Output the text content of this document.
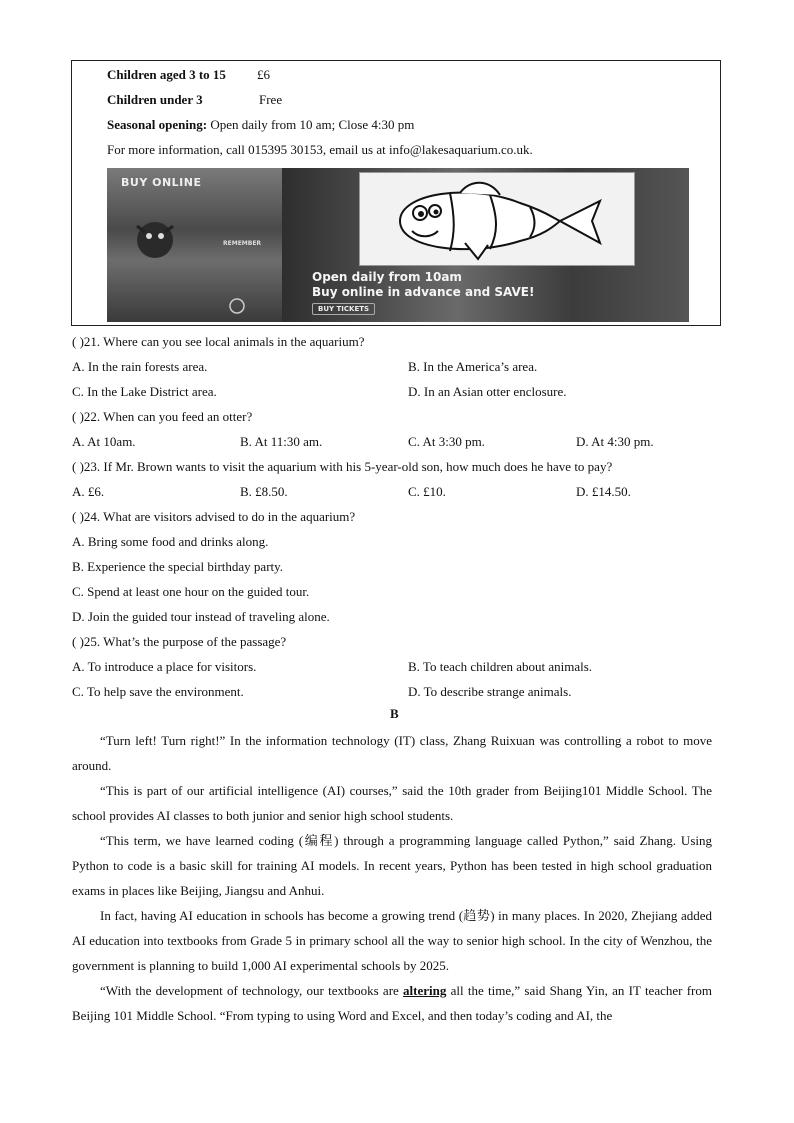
Children aged 3 to 15 £6
Children under 3	Free
Seasonal opening: Open daily from 10 am; Close 4:30 pm
For more information, call 015395 30153, email us at info@lakesaquarium.co.uk.
BUY ONLINE
REMEMBER
Open daily from 10am
Buy online in advance and SAVE!
BUY TICKETS
( )21. Where can you see local animals in the aquarium?
A. In the rain forests area.	B. In the America’s area.
C. In the Lake District area.	D. In an Asian otter enclosure.
( )22. When can you feed an otter?
A. At 10am.	B. At 11:30 am.	C. At 3:30 pm.	D. At 4:30 pm.
( )23. If Mr. Brown wants to visit the aquarium with his 5-year-old son, how much does he have to pay?
A. £6.	B. £8.50.	C. £10.	D. £14.50.
( )24. What are visitors advised to do in the aquarium?
A. Bring some food and drinks along.
B. Experience the special birthday party.
C. Spend at least one hour on the guided tour.
D. Join the guided tour instead of traveling alone.
( )25. What’s the purpose of the passage?
A. To introduce a place for visitors.	B. To teach children about animals.
C. To help save the environment.	D. To describe strange animals.
B
“Turn left! Turn right!” In the information technology (IT) class, Zhang Ruixuan was controlling a robot to move around.
“This is part of our artificial intelligence (AI) courses,” said the 10th grader from Beijing101 Middle School. The school provides AI classes to both junior and senior high school students.
“This term, we have learned coding (编程) through a programming language called Python,” said Zhang. Using Python to code is a basic skill for training AI models. In recent years, Python has been tested in high school graduation exams in places like Beijing, Jiangsu and Anhui.
In fact, having AI education in schools has become a growing trend (趋势) in many places. In 2020, Zhejiang added AI education into textbooks from Grade 5 in primary school all the way to senior high school. In the city of Wenzhou, the government is planning to build 1,000 AI experimental schools by 2025.
“With the development of technology, our textbooks are altering all the time,” said Shang Yin, an IT teacher from Beijing 101 Middle School. “From typing to using Word and Excel, and then today’s coding and AI, the
